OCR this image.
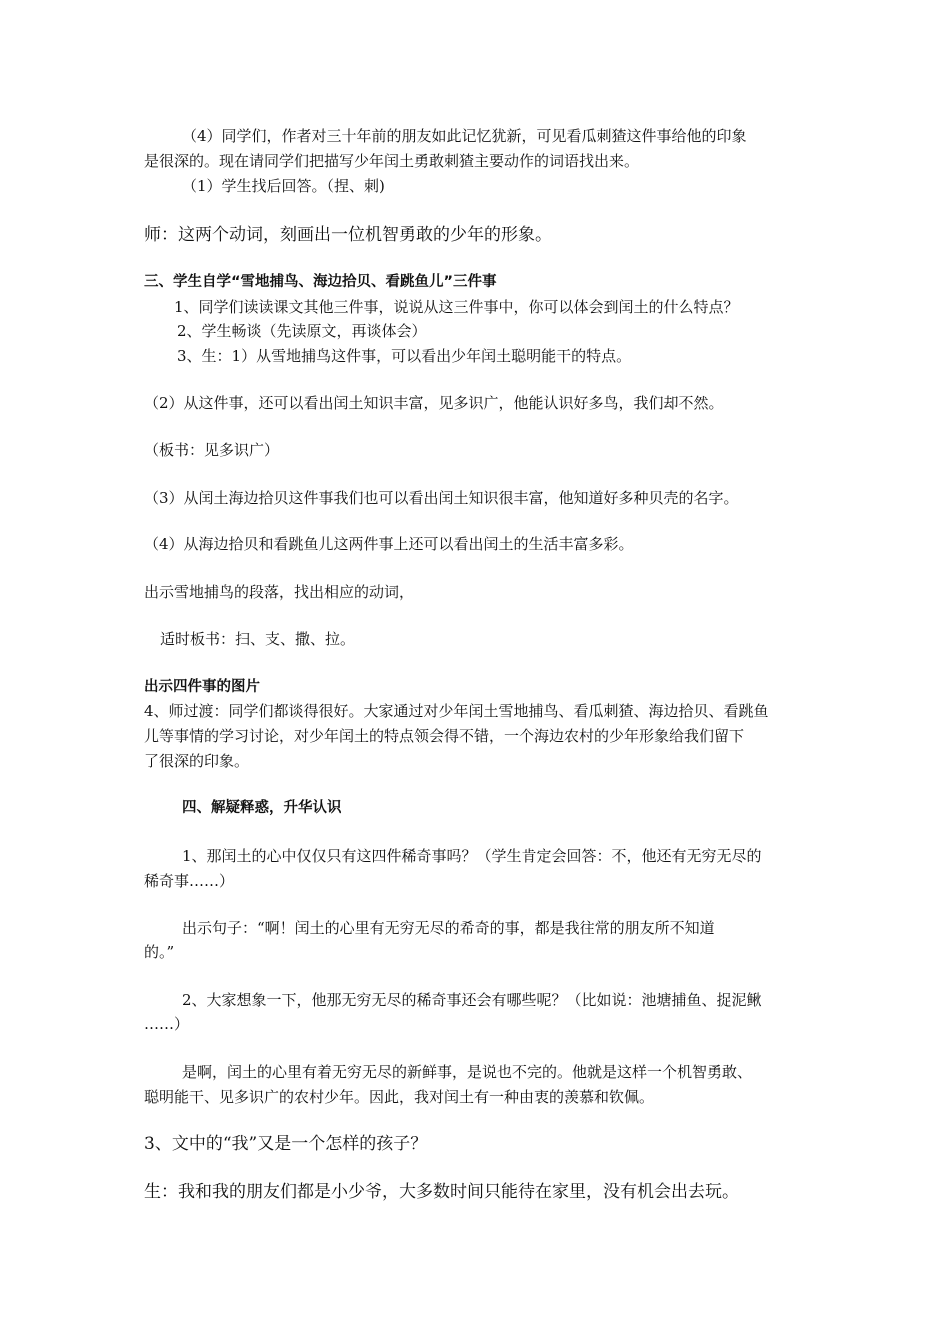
（4）同学们，作者对三十年前的朋友如此记忆犹新，可见看瓜刺猹这件事给他的印象
是很深的。现在请同学们把描写少年闰土勇敢刺猹主要动作的词语找出来。
（1）学生找后回答。（捏、刺)
师：这两个动词，刻画出一位机智勇敢的少年的形象。
三、学生自学“雪地捕鸟、海边拾贝、看跳鱼儿”三件事
1、同学们读读课文其他三件事，说说从这三件事中，你可以体会到闰土的什么特点？
2、学生畅谈（先读原文，再谈体会）
3、生：1）从雪地捕鸟这件事，可以看出少年闰土聪明能干的特点。
（2）从这件事，还可以看出闰土知识丰富，见多识广，他能认识好多鸟，我们却不然。
（板书：见多识广）
（3）从闰土海边拾贝这件事我们也可以看出闰土知识很丰富，他知道好多种贝壳的名字。
（4）从海边拾贝和看跳鱼儿这两件事上还可以看出闰土的生活丰富多彩。
出示雪地捕鸟的段落，找出相应的动词，
适时板书：扫、支、撒、拉。
出示四件事的图片
4、师过渡：同学们都谈得很好。大家通过对少年闰土雪地捕鸟、看瓜刺猹、海边拾贝、看跳鱼
儿等事情的学习讨论，对少年闰土的特点领会得不错，一个海边农村的少年形象给我们留下
了很深的印象。
四、解疑释惑，升华认识
1、那闰土的心中仅仅只有这四件稀奇事吗？（学生肯定会回答：不，他还有无穷无尽的
稀奇事……）
出示句子：“啊！闰土的心里有无穷无尽的希奇的事，都是我往常的朋友所不知道
的。”
2、大家想象一下，他那无穷无尽的稀奇事还会有哪些呢？（比如说：池塘捕鱼、捉泥鳅
……）
是啊，闰土的心里有着无穷无尽的新鲜事，是说也不完的。他就是这样一个机智勇敢、
聪明能干、见多识广的农村少年。因此，我对闰土有一种由衷的羡慕和钦佩。
3、文中的“我”又是一个怎样的孩子？
生：我和我的朋友们都是小少爷，大多数时间只能待在家里，没有机会出去玩。
